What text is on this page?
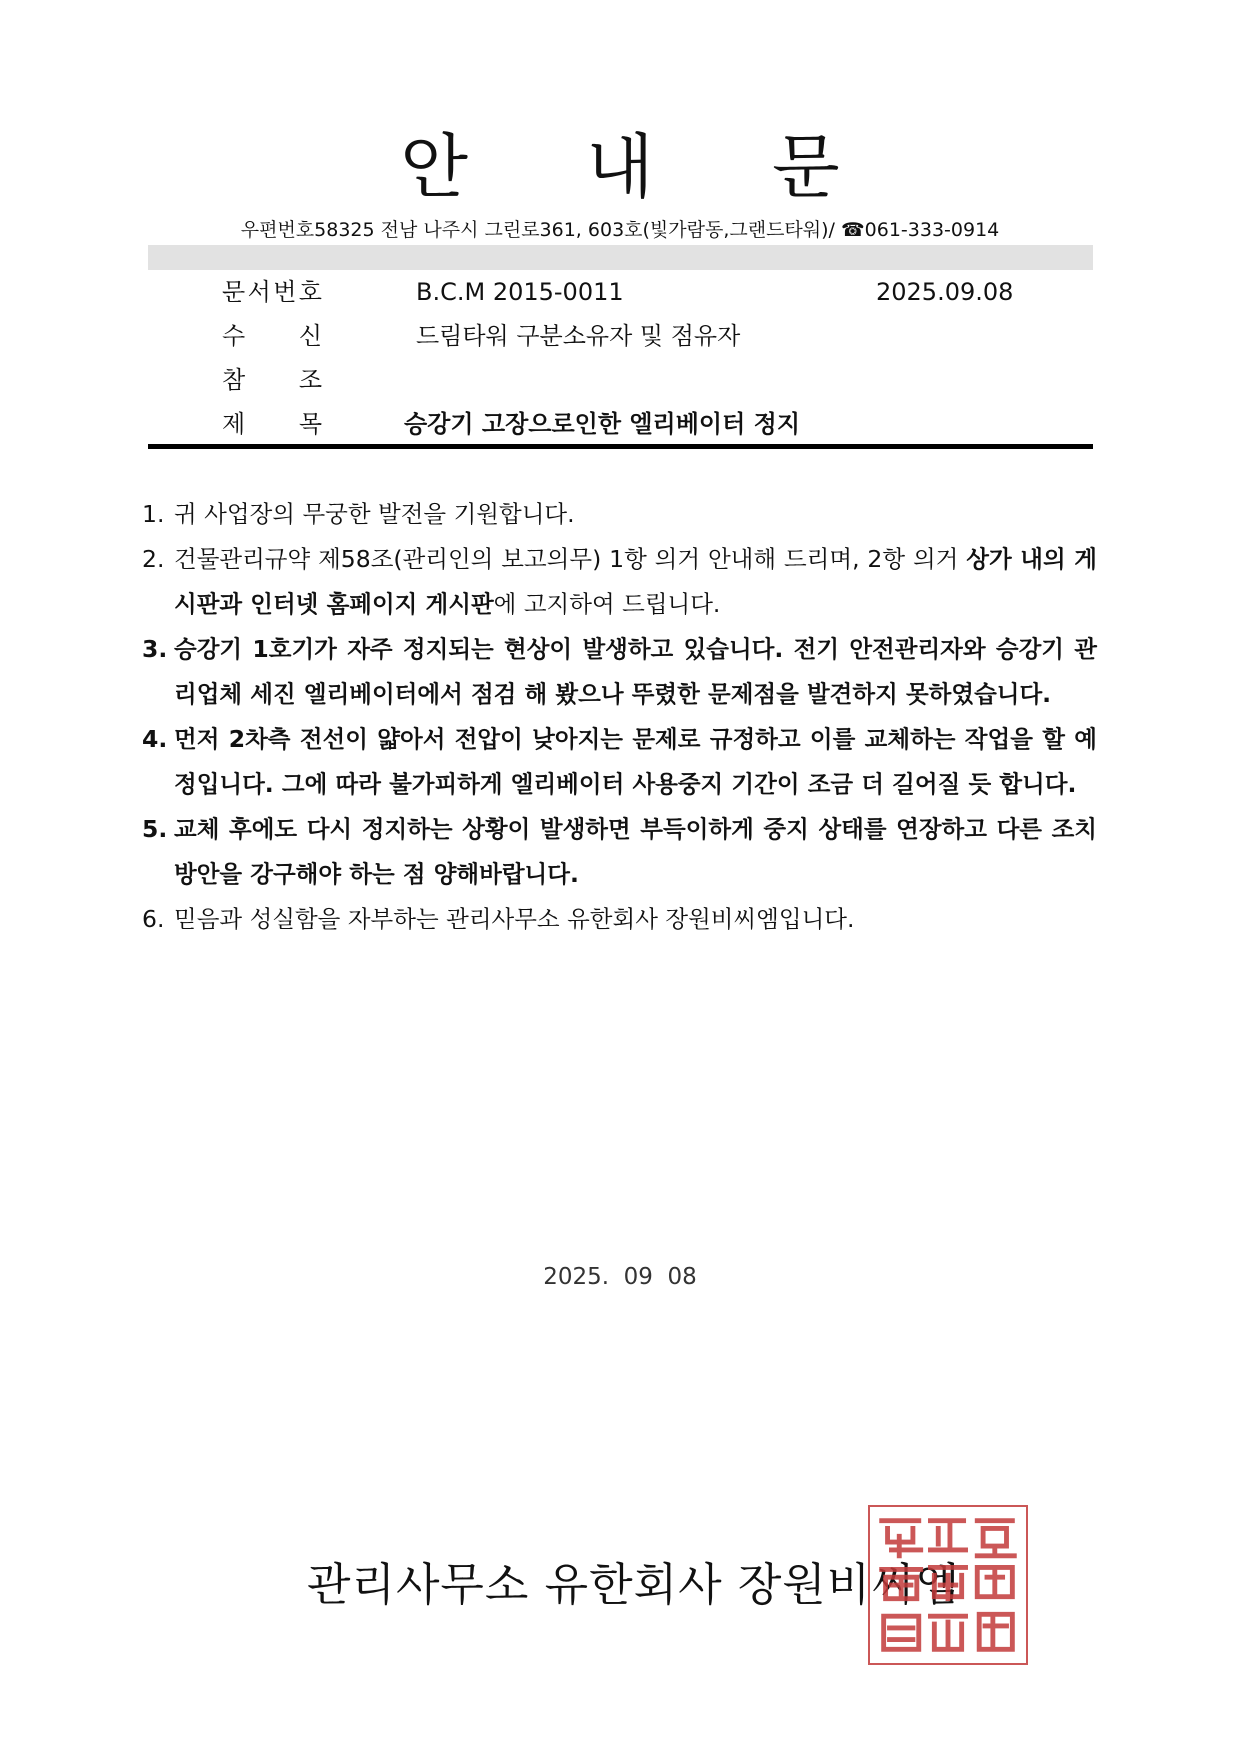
안 내 문
우편번호58325 전남 나주시 그린로361, 603호(빛가람동,그랜드타워)/ ☎061-333-0914
문 서 번 호	B.C.M 2015-0011	2025.09.08
수 신	드림타워 구분소유자 및 점유자
참 조
제 목	승강기 고장으로인한 엘리베이터 정지
1. 귀 사업장의 무궁한 발전을 기원합니다.
2. 건물관리규약 제58조(관리인의 보고의무) 1항 의거 안내해 드리며, 2항 의거 상가 내의 게시판과 인터넷 홈페이지 게시판에 고지하여 드립니다.
3. 승강기 1호기가 자주 정지되는 현상이 발생하고 있습니다. 전기 안전관리자와 승강기 관리업체 세진 엘리베이터에서 점검 해 봤으나 뚜렸한 문제점을 발견하지 못하였습니다.
4. 먼저 2차측 전선이 얇아서 전압이 낮아지는 문제로 규정하고 이를 교체하는 작업을 할 예정입니다. 그에 따라 불가피하게 엘리베이터 사용중지 기간이 조금 더 길어질 듯 합니다.
5. 교체 후에도 다시 정지하는 상황이 발생하면 부득이하게 중지 상태를 연장하고 다른 조치방안을 강구해야 하는 점 양해바랍니다.
6. 믿음과 성실함을 자부하는 관리사무소 유한회사 장원비씨엠입니다.
2025.  09  08
관리사무소 유한회사 장원비씨엠
